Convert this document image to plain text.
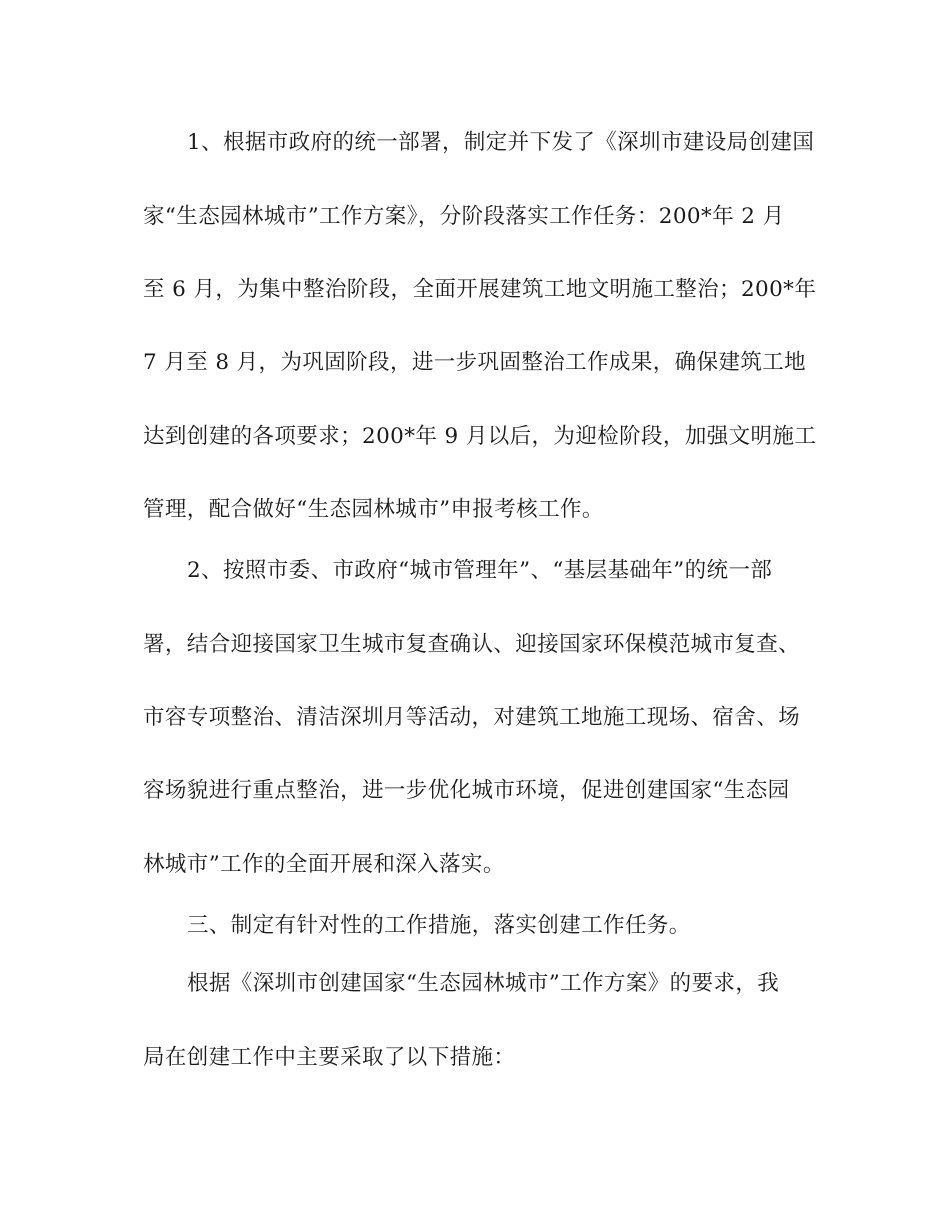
1、根据市政府的统一部署，制定并下发了《深圳市建设局创建国
家“生态园林城市”工作方案》，分阶段落实工作任务：200*年 2 月
至 6 月，为集中整治阶段，全面开展建筑工地文明施工整治；200*年
7 月至 8 月，为巩固阶段，进一步巩固整治工作成果，确保建筑工地
达到创建的各项要求；200*年 9 月以后，为迎检阶段，加强文明施工
管理，配合做好“生态园林城市”申报考核工作。
2、按照市委、市政府“城市管理年”、“基层基础年”的统一部
署，结合迎接国家卫生城市复查确认、迎接国家环保模范城市复查、
市容专项整治、清洁深圳月等活动，对建筑工地施工现场、宿舍、场
容场貌进行重点整治，进一步优化城市环境，促进创建国家“生态园
林城市”工作的全面开展和深入落实。
三、制定有针对性的工作措施，落实创建工作任务。
根据《深圳市创建国家“生态园林城市”工作方案》的要求，我
局在创建工作中主要采取了以下措施：
